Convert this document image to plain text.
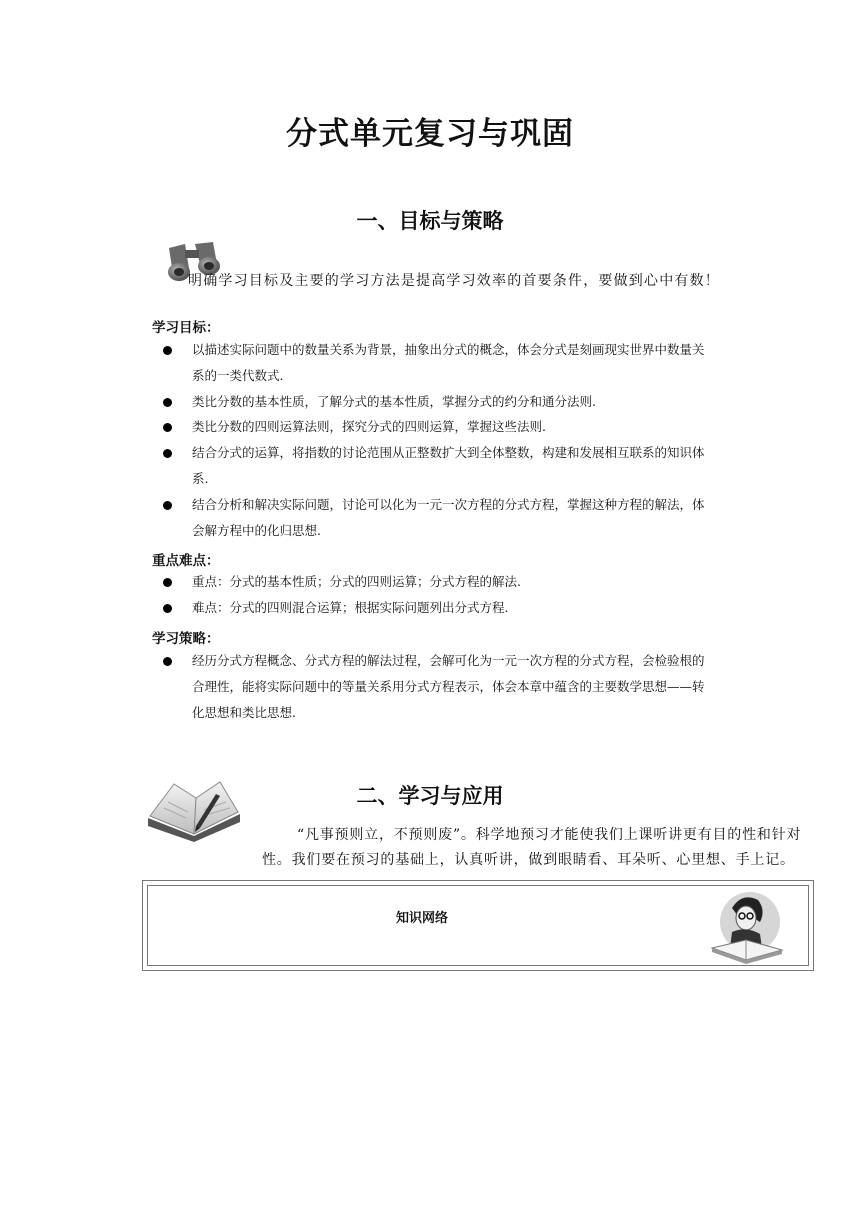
分式单元复习与巩固
一、目标与策略
明确学习目标及主要的学习方法是提高学习效率的首要条件，要做到心中有数！
学习目标：
以描述实际问题中的数量关系为背景，抽象出分式的概念，体会分式是刻画现实世界中数量关
系的一类代数式.
类比分数的基本性质，了解分式的基本性质，掌握分式的约分和通分法则.
类比分数的四则运算法则，探究分式的四则运算，掌握这些法则.
结合分式的运算，将指数的讨论范围从正整数扩大到全体整数，构建和发展相互联系的知识体
系.
结合分析和解决实际问题，讨论可以化为一元一次方程的分式方程，掌握这种方程的解法，体
会解方程中的化归思想.
重点难点：
重点：分式的基本性质；分式的四则运算；分式方程的解法.
难点：分式的四则混合运算；根据实际问题列出分式方程.
学习策略：
经历分式方程概念、分式方程的解法过程，会解可化为一元一次方程的分式方程，会检验根的
合理性，能将实际问题中的等量关系用分式方程表示，体会本章中蕴含的主要数学思想——转
化思想和类比思想.
二、学习与应用
“凡事预则立，不预则废”。科学地预习才能使我们上课听讲更有目的性和针对
性。我们要在预习的基础上，认真听讲，做到眼睛看、耳朵听、心里想、手上记。
知识网络
